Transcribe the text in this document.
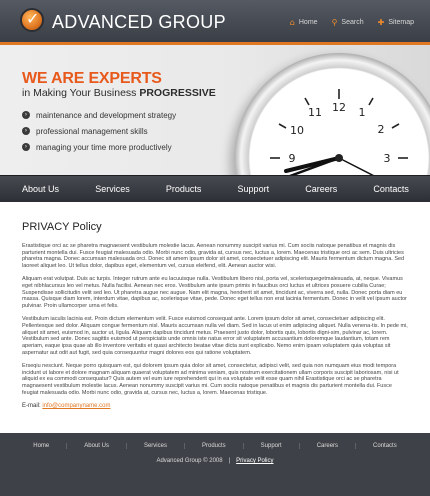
✓
ADVANCED GROUP	⌂ Home ⚲ Search ✚ Sitemap
WE ARE EXPERTS
in Making Your Business PROGRESSIVE
›	maintenance and development strategy
›	professional management skills
›	managing your time more productively
12 1
2
3
9
10
11
About Us	Services	Products	Support	Careers	Contacts
PRIVACY Policy

Erastistique orci ac se pharetra magnaesent vestibulum molestie lacus. Aenean nonummy suscipit varius mi. Cum sociis natoque penatibus et magnis dis parturient montella dui. Fusce feugiat malesuada odio. Morbi nunc odio, gravida at, cursus nec, luctus a, lorem. Maecenas tristique orci ac sem. Duis ultricies pharetra magna. Donec accumsan malesuada orci. Donec sit amem ipsum dolor sit amet, consectetuer adipiscing elit. Mauris fermentum dictum magna. Sed laoreet aliquet leo. Ut tellus dolor, dapibus eget, elementum vel, cursus eleifend, elit. Aenean auctor wisi.

Aliquam erat volutpat. Duis ac turpis. Integer rutrum ante eu lacuuisque nulla. Vestibulum libero nisl, porta vel, scelerisquegetmalesuada, at, neque. Vivamus eget nibhlacursus leo vel metus. Nulla facilisi. Aenean nec eros. Vestibulum ante ipsum primis in faucibus orci luctus et ultrices posuere cubilia Curae; Suspendisse sollicitudin velit sed leo. Ut pharetra augue nec augue. Nam elit magna, hendrerit sit amet, tincidunt ac, viverra sed, nulla. Donec porta diam eu massa. Quisque diam lorem, interdum vitae, dapibus ac, scelerisque vitae, pede. Donec eget tellus non erat lacinia fermentum. Donec in velit vel ipsum auctor pulvinar. Proin ullamcorper urna et felis.

Vestibulum iaculis lacinia est. Proin dictum elementum velit. Fusce euismod consequat ante. Lorem ipsum dolor sit amet, consectetuer adipiscing elit. Pellentesque sed dolor. Aliquam congue fermentum nisl. Mauris accumsan nulla vel diam. Sed in lacus ut enim adipiscing aliquet. Nulla venena-tis. In pede mi, aliquet sit amet, euismod in, auctor ut, ligula. Aliquam dapibus tincidunt metus. Praesent justo dolor, lobortis quis, lobortis digni-sim, pulvinar ac, lorem. Vestibulum sed ante. Donec sagittis euismod ut perspiciatis unde omnis iste natus error sit voluptatem accusantium doloremque laudantium, totam rem aperiam, eaque ipsa quae ab illo inventore veritatis et quasi architecto beatae vitae dicta sunt explicabo. Nemo enim ipsam voluptatem quia voluptas sit aspernatur aut odit aut fugit, sed quia consequuntur magni dolores eos qui ratione voluptatem.

Erseqiu nesciunt. Neque porro quisquam est, qui dolorem ipsum quia dolor sit amet, consectetur, adipisci velit, sed quia non numquam eius modi tempora incidunt ut labore et dolore magnam aliquam quaerat voluptatem ad minima veniam, quis nostrum exercitationem ullam corporis suscipit laboriosam, nisi ut aliquid ex ea commodi consequatur? Quis autem vel eum iure reprehenderit qui in ea voluptate velit esse quam nihil Erastistique orci ac se pharetra magnaesent vestibulum molestie lacus. Aenean nonummy suscipit varius mi. Cum sociis natoque penatibus et magnis dis parturient montella dui. Fusce feugiat malesuada odio. Morbi nunc odio, gravida at, cursus nec, luctus a, lorem. Maecenas tristique.

E-mail: info@companyname.com
Home	About Us	Services	Products	Support	Careers	Contacts
Advanced Group © 2008 | Privacy Policy
